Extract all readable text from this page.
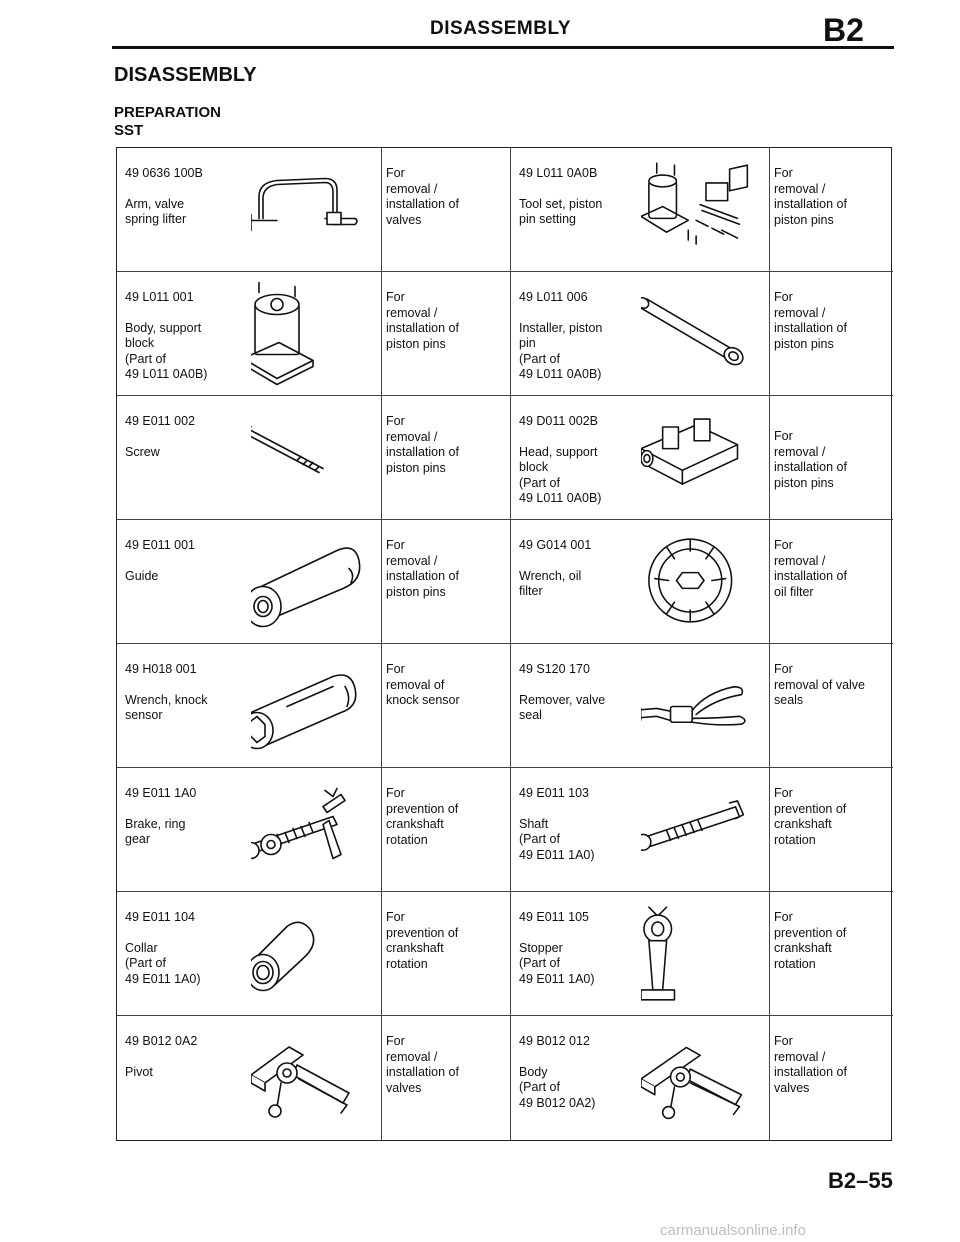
DISASSEMBLY	B2
DISASSEMBLY
PREPARATION
SST
49 0636 100B
Arm, valve
spring lifter
For
removal /
installation of
valves
49 L011 0A0B
Tool set, piston
pin setting
For
removal /
installation of
piston pins
49 L011 001
Body, support
block
(Part of
49 L011 0A0B)
For
removal /
installation of
piston pins
49 L011 006
Installer, piston
pin
(Part of
49 L011 0A0B)
For
removal /
installation of
piston pins
49 E011 002
Screw
For
removal /
installation of
piston pins
49 D011 002B
Head, support
block
(Part of
49 L011 0A0B)
For
removal /
installation of
piston pins
49 E011 001
Guide
For
removal /
installation of
piston pins
49 G014 001
Wrench, oil
filter
For
removal /
installation of
oil filter
49 H018 001
Wrench, knock
sensor
For
removal of
knock sensor
49 S120 170
Remover, valve
seal
For
removal of valve
seals
49 E011 1A0
Brake, ring
gear
For
prevention of
crankshaft
rotation
49 E011 103
Shaft
(Part of
49 E011 1A0)
For
prevention of
crankshaft
rotation
49 E011 104
Collar
(Part of
49 E011 1A0)
For
prevention of
crankshaft
rotation
49 E011 105
Stopper
(Part of
49 E011 1A0)
For
prevention of
crankshaft
rotation
49 B012 0A2
Pivot
For
removal /
installation of
valves
49 B012 012
Body
(Part of
49 B012 0A2)
For
removal /
installation of
valves
B2–55
carmanualsonline.info
